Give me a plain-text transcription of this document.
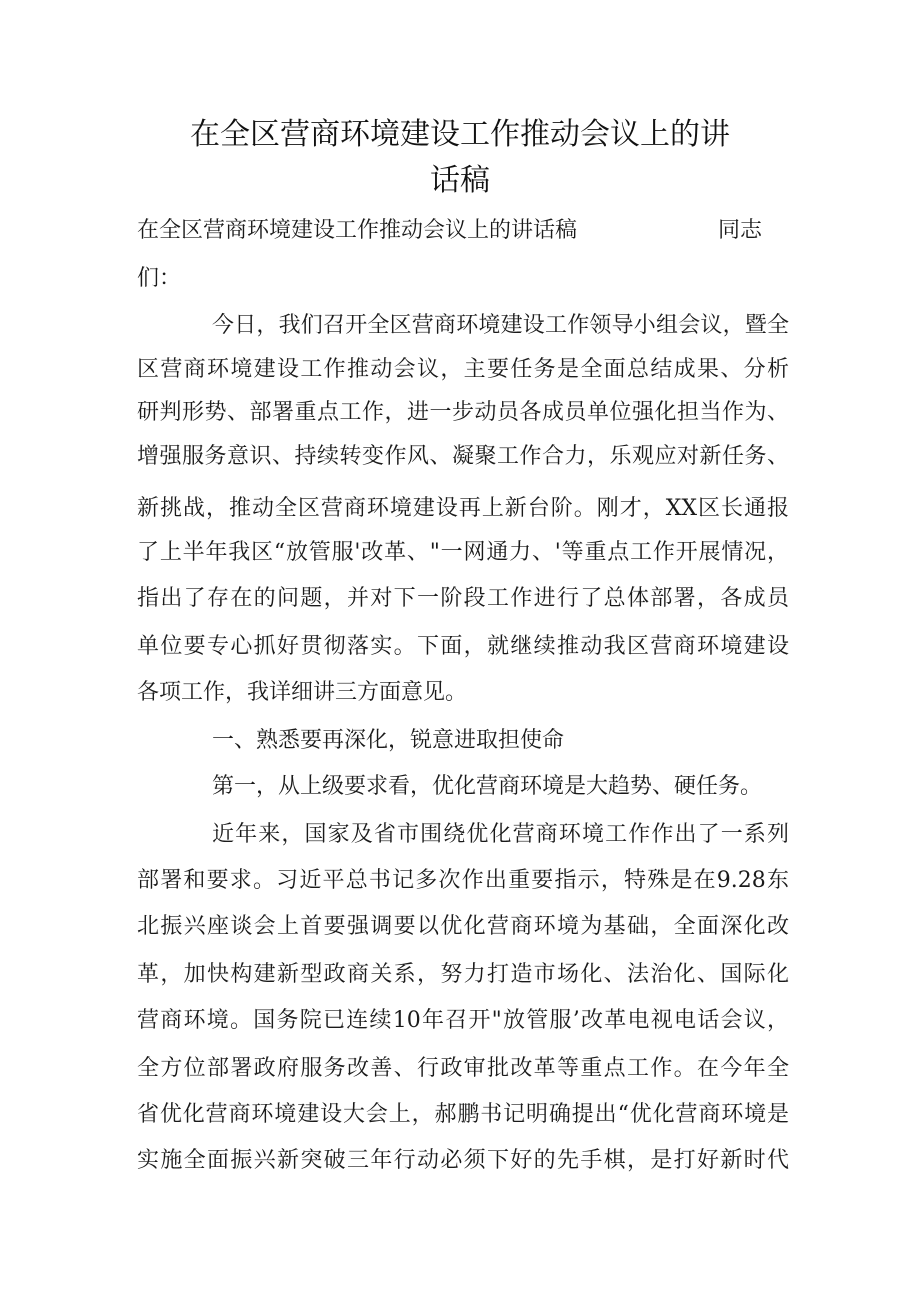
在全区营商环境建设工作推动会议上的讲
话稿

在全区营商环境建设工作推动会议上的讲话稿	同志

们：

今日，我们召开全区营商环境建设工作领导小组会议，暨全

区营商环境建设工作推动会议，主要任务是全面总结成果、分析

研判形势、部署重点工作，进一步动员各成员单位强化担当作为、

增强服务意识、持续转变作风、凝聚工作合力，乐观应对新任务、

新挑战，推动全区营商环境建设再上新台阶。刚才，XX区长通报

了上半年我区“放管服'改革、"一网通力、'等重点工作开展情况，

指出了存在的问题，并对下一阶段工作进行了总体部署，各成员

单位要专心抓好贯彻落实。下面，就继续推动我区营商环境建设

各项工作，我详细讲三方面意见。

一、熟悉要再深化，锐意进取担使命

第一，从上级要求看，优化营商环境是大趋势、硬任务。

近年来，国家及省市围绕优化营商环境工作作出了一系列

部署和要求。习近平总书记多次作出重要指示，特殊是在9.28东

北振兴座谈会上首要强调要以优化营商环境为基础，全面深化改

革，加快构建新型政商关系，努力打造市场化、法治化、国际化

营商环境。国务院已连续10年召开"放管服’改革电视电话会议，

全方位部署政府服务改善、行政审批改革等重点工作。在今年全

省优化营商环境建设大会上，郝鹏书记明确提出“优化营商环境是

实施全面振兴新突破三年行动必须下好的先手棋，是打好新时代
